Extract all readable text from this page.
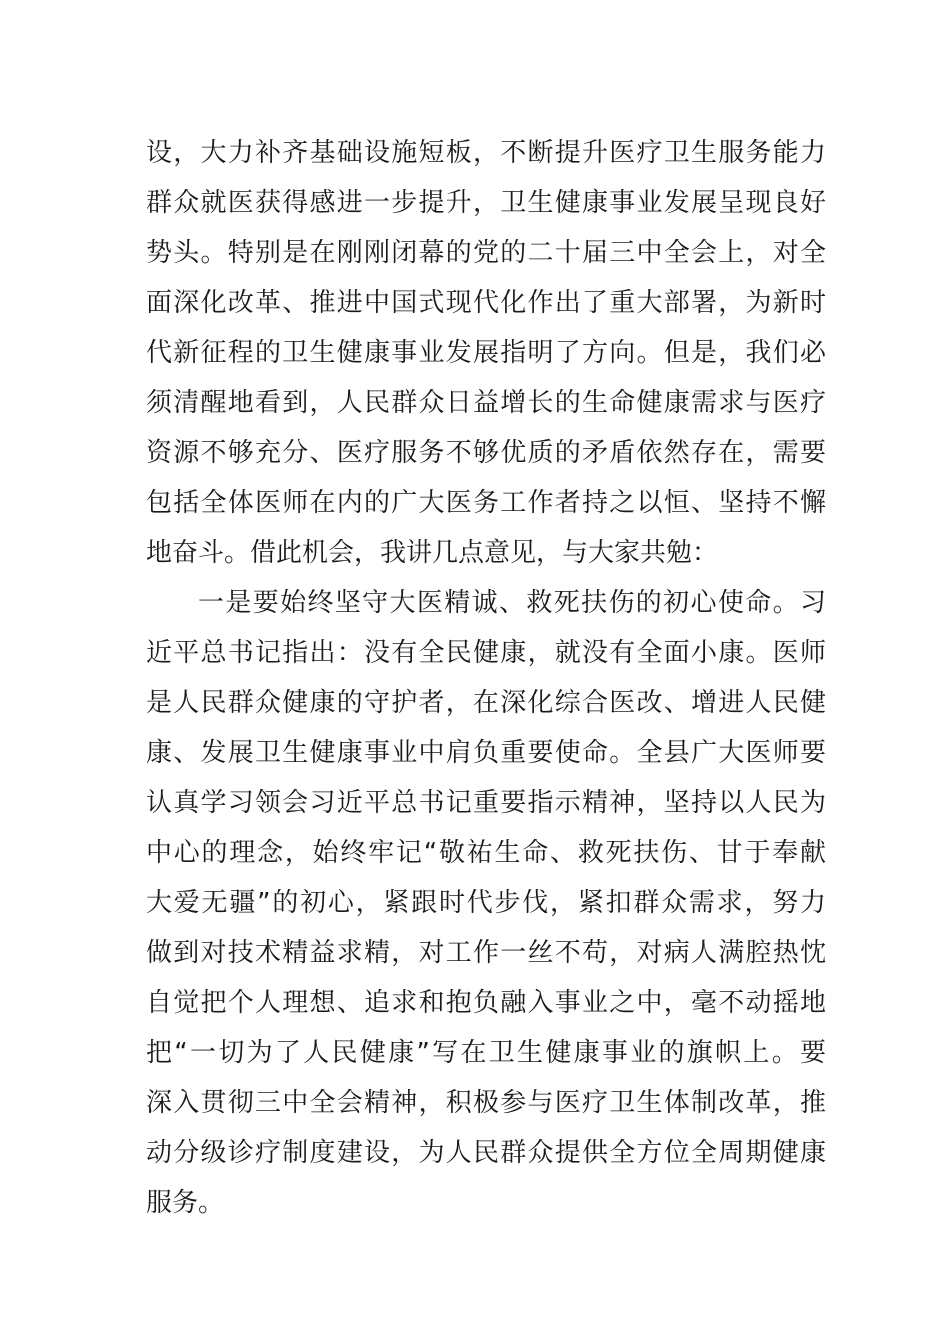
设，大力补齐基础设施短板，不断提升医疗卫生服务能力
群众就医获得感进一步提升，卫生健康事业发展呈现良好
势头。特别是在刚刚闭幕的党的二十届三中全会上，对全
面深化改革、推进中国式现代化作出了重大部署，为新时
代新征程的卫生健康事业发展指明了方向。但是，我们必
须清醒地看到，人民群众日益增长的生命健康需求与医疗
资源不够充分、医疗服务不够优质的矛盾依然存在，需要
包括全体医师在内的广大医务工作者持之以恒、坚持不懈
地奋斗。借此机会，我讲几点意见，与大家共勉：
一是要始终坚守大医精诚、救死扶伤的初心使命。习
近平总书记指出：没有全民健康，就没有全面小康。医师
是人民群众健康的守护者，在深化综合医改、增进人民健
康、发展卫生健康事业中肩负重要使命。全县广大医师要
认真学习领会习近平总书记重要指示精神，坚持以人民为
中心的理念，始终牢记“敬祐生命、救死扶伤、甘于奉献
大爱无疆”的初心，紧跟时代步伐，紧扣群众需求，努力
做到对技术精益求精，对工作一丝不苟，对病人满腔热忱
自觉把个人理想、追求和抱负融入事业之中，毫不动摇地
把“一切为了人民健康”写在卫生健康事业的旗帜上。要
深入贯彻三中全会精神，积极参与医疗卫生体制改革，推
动分级诊疗制度建设，为人民群众提供全方位全周期健康
服务。
